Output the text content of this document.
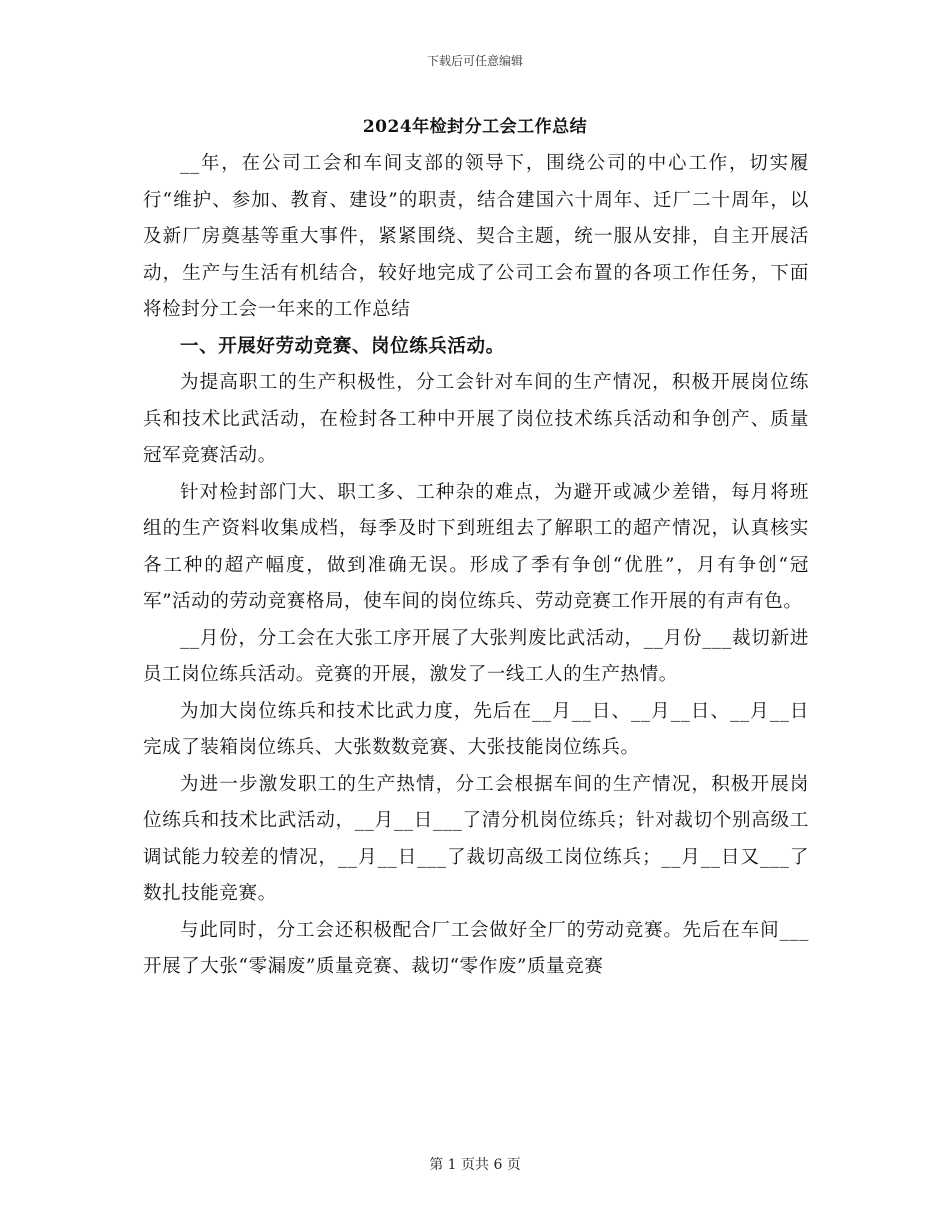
下载后可任意编辑
2024年检封分工会工作总结

__年，在公司工会和车间支部的领导下，围绕公司的中心工作，切实履行“维护、参加、教育、建设”的职责，结合建国六十周年、迁厂二十周年，以及新厂房奠基等重大事件，紧紧围绕、契合主题，统一服从安排，自主开展活动，生产与生活有机结合，较好地完成了公司工会布置的各项工作任务，下面将检封分工会一年来的工作总结

一、开展好劳动竞赛、岗位练兵活动。

为提高职工的生产积极性，分工会针对车间的生产情况，积极开展岗位练兵和技术比武活动，在检封各工种中开展了岗位技术练兵活动和争创产、质量冠军竞赛活动。

针对检封部门大、职工多、工种杂的难点，为避开或减少差错，每月将班组的生产资料收集成档，每季及时下到班组去了解职工的超产情况，认真核实各工种的超产幅度，做到准确无误。形成了季有争创“优胜”，月有争创“冠军”活动的劳动竞赛格局，使车间的岗位练兵、劳动竞赛工作开展的有声有色。

__月份，分工会在大张工序开展了大张判废比武活动，__月份___裁切新进员工岗位练兵活动。竞赛的开展，激发了一线工人的生产热情。

为加大岗位练兵和技术比武力度，先后在__月__日、__月__日、__月__日完成了装箱岗位练兵、大张数数竞赛、大张技能岗位练兵。

为进一步激发职工的生产热情，分工会根据车间的生产情况，积极开展岗位练兵和技术比武活动，__月__日___了清分机岗位练兵；针对裁切个别高级工调试能力较差的情况，__月__日___了裁切高级工岗位练兵；__月__日又___了数扎技能竞赛。

与此同时，分工会还积极配合厂工会做好全厂的劳动竞赛。先后在车间___开展了大张“零漏废”质量竞赛、裁切“零作废”质量竞赛

第 1 页共 6 页
